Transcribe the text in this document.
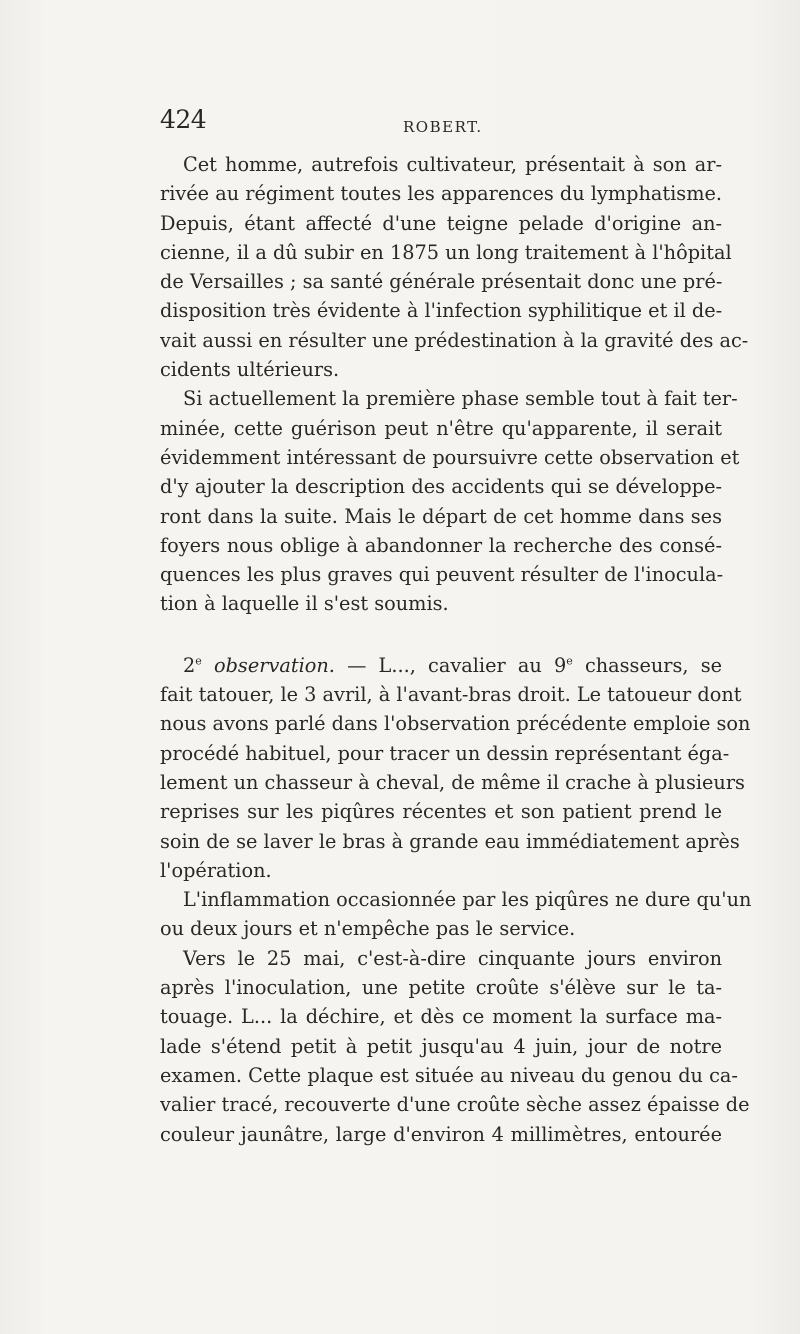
424	ROBERT.
Cet homme, autrefois cultivateur, présentait à son ar-
rivée au régiment toutes les apparences du lymphatisme.
Depuis, étant affecté d'une teigne pelade d'origine an-
cienne, il a dû subir en 1875 un long traitement à l'hôpital
de Versailles ; sa santé générale présentait donc une pré-
disposition très évidente à l'infection syphilitique et il de-
vait aussi en résulter une prédestination à la gravité des ac-
cidents ultérieurs.
Si actuellement la première phase semble tout à fait ter-
minée, cette guérison peut n'être qu'apparente, il serait
évidemment intéressant de poursuivre cette observation et
d'y ajouter la description des accidents qui se développe-
ront dans la suite. Mais le départ de cet homme dans ses
foyers nous oblige à abandonner la recherche des consé-
quences les plus graves qui peuvent résulter de l'inocula-
tion à laquelle il s'est soumis.
2e observation. — L..., cavalier au 9e chasseurs, se
fait tatouer, le 3 avril, à l'avant-bras droit. Le tatoueur dont
nous avons parlé dans l'observation précédente emploie son
procédé habituel, pour tracer un dessin représentant éga-
lement un chasseur à cheval, de même il crache à plusieurs
reprises sur les piqûres récentes et son patient prend le
soin de se laver le bras à grande eau immédiatement après
l'opération.
L'inflammation occasionnée par les piqûres ne dure qu'un
ou deux jours et n'empêche pas le service.
Vers le 25 mai, c'est-à-dire cinquante jours environ
après l'inoculation, une petite croûte s'élève sur le ta-
touage. L... la déchire, et dès ce moment la surface ma-
lade s'étend petit à petit jusqu'au 4 juin, jour de notre
examen. Cette plaque est située au niveau du genou du ca-
valier tracé, recouverte d'une croûte sèche assez épaisse de
couleur jaunâtre, large d'environ 4 millimètres, entourée
